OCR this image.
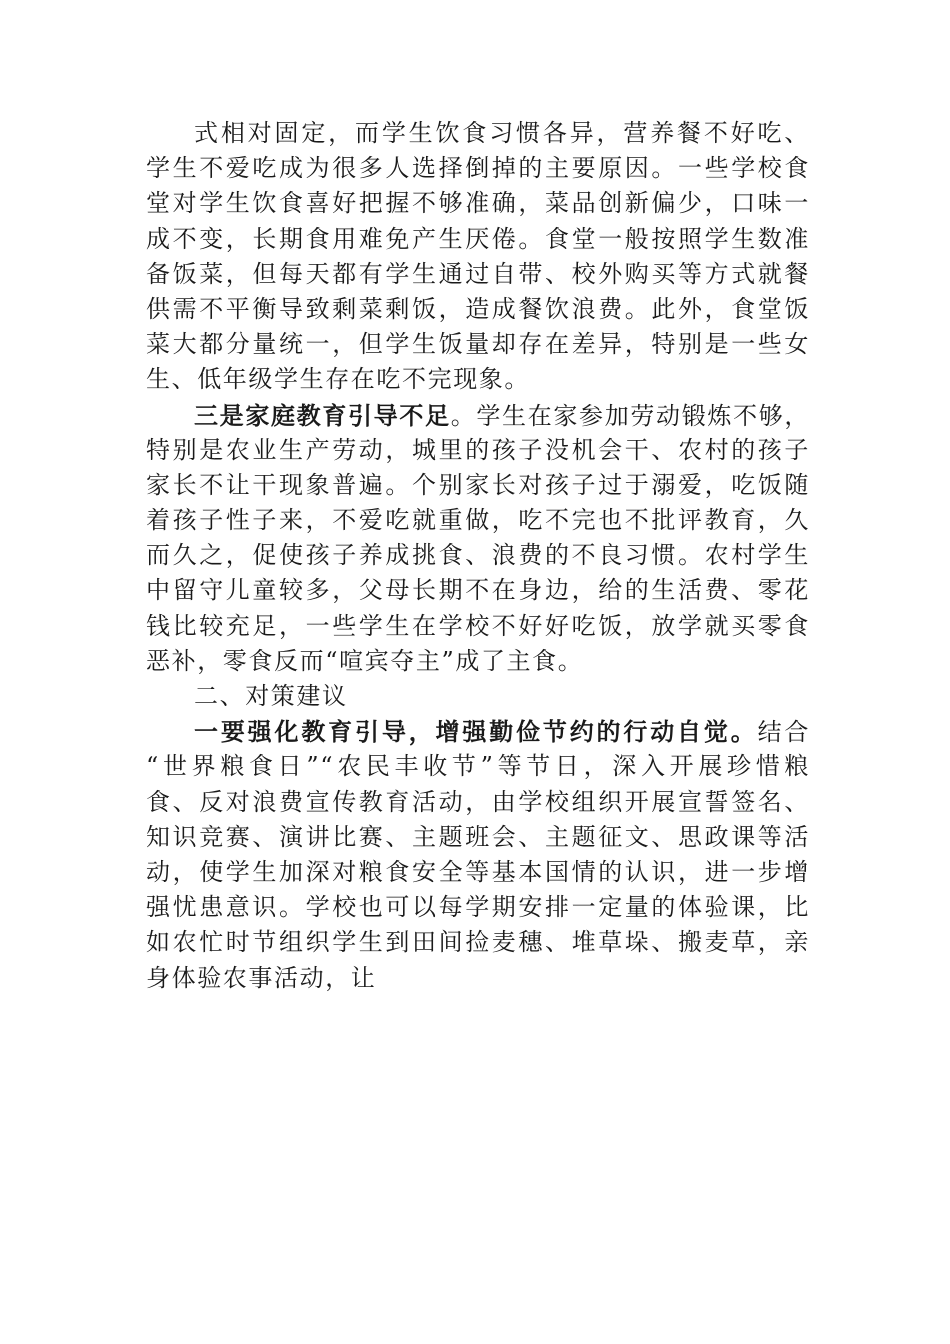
式相对固定，而学生饮食习惯各异，营养餐不好吃、
学生不爱吃成为很多人选择倒掉的主要原因。一些学校食
堂对学生饮食喜好把握不够准确，菜品创新偏少，口味一
成不变，长期食用难免产生厌倦。食堂一般按照学生数准
备饭菜，但每天都有学生通过自带、校外购买等方式就餐
供需不平衡导致剩菜剩饭，造成餐饮浪费。此外，食堂饭
菜大都分量统一，但学生饭量却存在差异，特别是一些女
生、低年级学生存在吃不完现象。
三是家庭教育引导不足。学生在家参加劳动锻炼不够，
特别是农业生产劳动，城里的孩子没机会干、农村的孩子
家长不让干现象普遍。个别家长对孩子过于溺爱，吃饭随
着孩子性子来，不爱吃就重做，吃不完也不批评教育，久
而久之，促使孩子养成挑食、浪费的不良习惯。农村学生
中留守儿童较多，父母长期不在身边，给的生活费、零花
钱比较充足，一些学生在学校不好好吃饭，放学就买零食
恶补，零食反而“喧宾夺主”成了主食。
二、对策建议
一要强化教育引导，增强勤俭节约的行动自觉。结合
“世界粮食日”“农民丰收节”等节日，深入开展珍惜粮
食、反对浪费宣传教育活动，由学校组织开展宣誓签名、
知识竞赛、演讲比赛、主题班会、主题征文、思政课等活
动，使学生加深对粮食安全等基本国情的认识，进一步增
强忧患意识。学校也可以每学期安排一定量的体验课，比
如农忙时节组织学生到田间捡麦穗、堆草垛、搬麦草，亲
身体验农事活动，让
